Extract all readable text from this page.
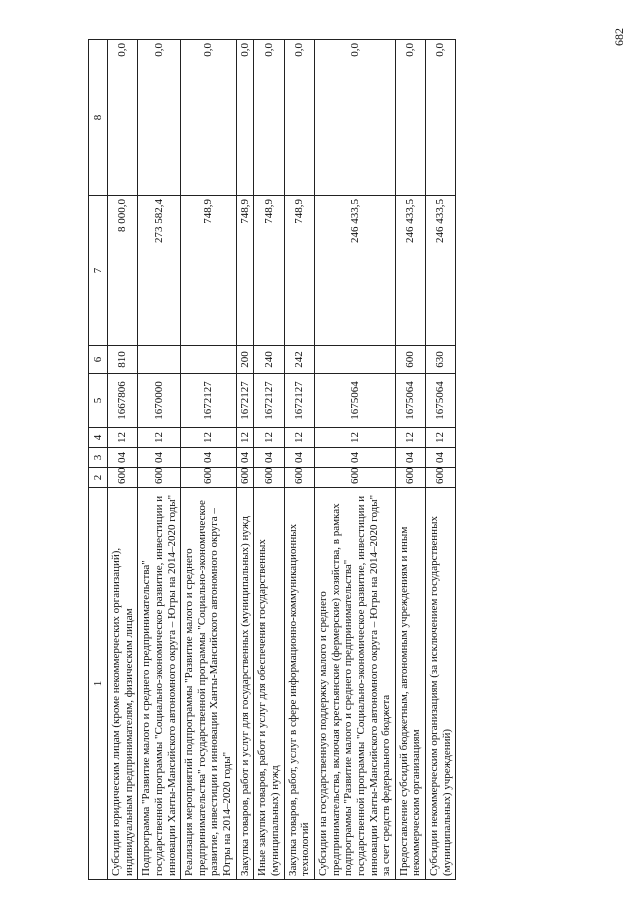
682
1	2	3	4	5	6	7	8
Субсидии юридическим лицам (кроме некоммерческих организаций), индивидуальным предпринимателям, физическим лицам	600	04	12	1667806	810	8 000,0	0,0
Подпрограмма "Развитие малого и среднего предпринимательства" государственной программы "Социально-экономическое развитие, инвестиции и инновации Ханты-Мансийского автономного округа – Югры на 2014–2020 годы"	600	04	12	1670000		273 582,4	0,0
Реализация мероприятий подпрограммы "Развитие малого и среднего предпринимательства" государственной программы "Социально-экономическое развитие, инвестиции и инновации Ханты-Мансийского автономного округа – Югры на 2014–2020 годы"	600	04	12	1672127		748,9	0,0
Закупка товаров, работ и услуг для государственных (муниципальных) нужд	600	04	12	1672127	200	748,9	0,0
Иные закупки товаров, работ и услуг для обеспечения государственных (муниципальных) нужд	600	04	12	1672127	240	748,9	0,0
Закупка товаров, работ, услуг в сфере информационно-коммуникационных технологий	600	04	12	1672127	242	748,9	0,0
Субсидии на государственную поддержку малого и среднего предпринимательства, включая крестьянские (фермерские) хозяйства, в рамках подпрограммы "Развитие малого и среднего предпринимательства" государственной программы "Социально-экономическое развитие, инвестиции и инновации Ханты-Мансийского автономного округа – Югры на 2014–2020 годы" за счет средств федерального бюджета	600	04	12	1675064		246 433,5	0,0
Предоставление субсидий бюджетным, автономным учреждениям и иным некоммерческим организациям	600	04	12	1675064	600	246 433,5	0,0
Субсидии некоммерческим организациям (за исключением государственных (муниципальных) учреждений)	600	04	12	1675064	630	246 433,5	0,0
